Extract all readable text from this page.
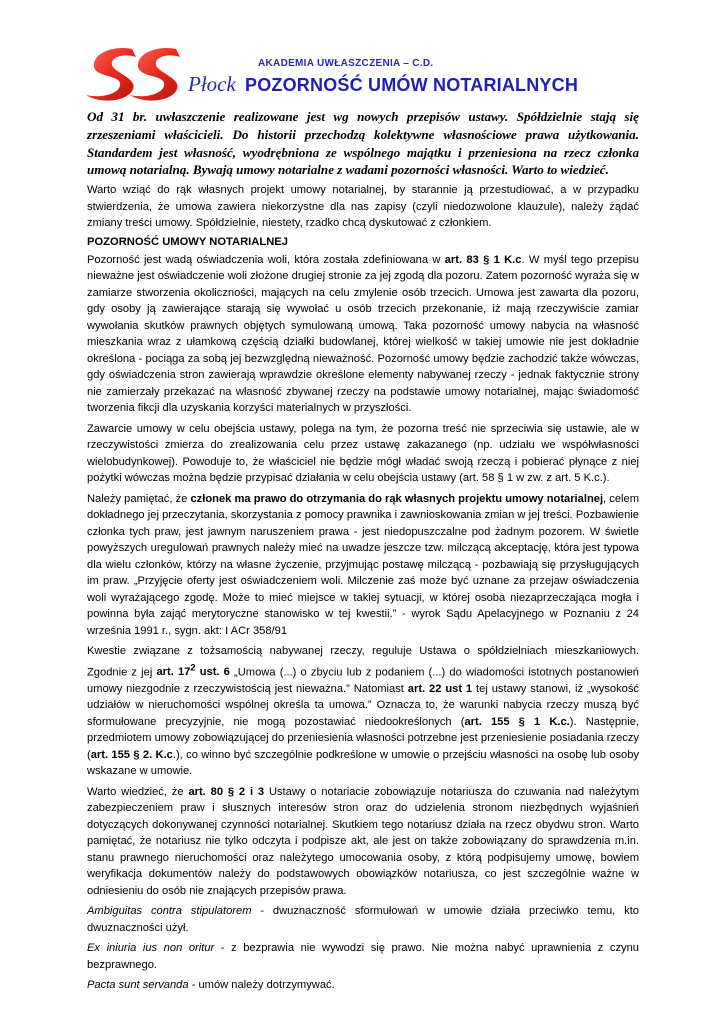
Płock
AKADEMIA UWŁASZCZENIA – C.D.
POZORNOŚĆ UMÓW NOTARIALNYCH
Od 31 br. uwłaszczenie realizowane jest wg nowych przepisów ustawy. Spółdzielnie stają się zrzeszeniami właścicieli. Do historii przechodzą kolektywne własnościowe prawa użytkowania. Standardem jest własność, wyodrębniona ze wspólnego majątku i przeniesiona na rzecz członka umową notarialną. Bywają umowy notarialne z wadami pozorności własności. Warto to wiedzieć.

Warto wziąć do rąk własnych projekt umowy notarialnej, by starannie ją przestudiować, a w przypadku stwierdzenia, że umowa zawiera niekorzystne dla nas zapisy (czyli niedozwolone klauzule), należy żądać zmiany treści umowy. Spółdzielnie, niestety, rzadko chcą dyskutować z członkiem.

POZORNOŚĆ UMOWY NOTARIALNEJ

Pozorność jest wadą oświadczenia woli, która została zdefiniowana w art. 83 § 1 K.c. W myśl tego przepisu nieważne jest oświadczenie woli złożone drugiej stronie za jej zgodą dla pozoru. Zatem pozorność wyraża się w zamiarze stworzenia okoliczności, mających na celu zmylenie osób trzecich. Umowa jest zawarta dla pozoru, gdy osoby ją zawierające starają się wywołać u osób trzecich przekonanie, iż mają rzeczywiście zamiar wywołania skutków prawnych objętych symulowaną umową. Taka pozorność umowy nabycia na własność mieszkania wraz z ułamkową częścią działki budowlanej, której wielkość w takiej umowie nie jest dokładnie określona - pociąga za sobą jej bezwzględną nieważność. Pozorność umowy będzie zachodzić także wówczas, gdy oświadczenia stron zawierają wprawdzie określone elementy nabywanej rzeczy - jednak faktycznie strony nie zamierzały przekazać na własność zbywanej rzeczy na podstawie umowy notarialnej, mając świadomość tworzenia fikcji dla uzyskania korzyści materialnych w przyszłości.

Zawarcie umowy w celu obejścia ustawy, polega na tym, że pozorna treść nie sprzeciwia się ustawie, ale w rzeczywistości zmierza do zrealizowania celu przez ustawę zakazanego (np. udziału we współwłasności wielobudynkowej). Powoduje to, że właściciel nie będzie mógł władać swoją rzeczą i pobierać płynące z niej pożytki wówczas można będzie przypisać działania w celu obejścia ustawy (art. 58 § 1 w zw. z art. 5 K.c.).

Należy pamiętać, że członek ma prawo do otrzymania do rąk własnych projektu umowy notarialnej, celem dokładnego jej przeczytania, skorzystania z pomocy prawnika i zawnioskowania zmian w jej treści. Pozbawienie członka tych praw, jest jawnym naruszeniem prawa - jest niedopuszczalne pod żadnym pozorem. W świetle powyższych uregulowań prawnych należy mieć na uwadze jeszcze tzw. milczącą akceptację, która jest typowa dla wielu członków, którzy na własne życzenie, przyjmując postawę milczącą - pozbawiają się przysługujących im praw. „Przyjęcie oferty jest oświadczeniem woli. Milczenie zaś może być uznane za przejaw oświadczenia woli wyrażającego zgodę. Może to mieć miejsce w takiej sytuacji, w której osoba niezaprzeczająca mogła i powinna była zająć merytoryczne stanowisko w tej kwestii.” - wyrok Sądu Apelacyjnego w Poznaniu z 24 września 1991 r., sygn. akt: I ACr 358/91

Kwestie związane z tożsamością nabywanej rzeczy, reguluje Ustawa o spółdzielniach mieszkaniowych. Zgodnie z jej art. $17^2$ ust. 6 „Umowa (...) o zbyciu lub z podaniem (...) do wiadomości istotnych postanowień umowy niezgodnie z rzeczywistością jest nieważna.” Natomiast art. 22 ust 1 tej ustawy stanowi, iż „wysokość udziałów w nieruchomości wspólnej określa ta umowa.” Oznacza to, że warunki nabycia rzeczy muszą być sformułowane precyzyjnie, nie mogą pozostawiać niedookreślonych (art. 155 § 1 K.c.). Następnie, przedmiotem umowy zobowiązującej do przeniesienia własności potrzebne jest przeniesienie posiadania rzeczy (art. 155 § 2. K.c.), co winno być szczególnie podkreślone w umowie o przejściu własności na osobę lub osoby wskazane w umowie.

Warto wiedzieć, że art. 80 § 2 i 3 Ustawy o notariacie zobowiązuje notariusza do czuwania nad należytym zabezpieczeniem praw i słusznych interesów stron oraz do udzielenia stronom niezbędnych wyjaśnień dotyczących dokonywanej czynności notarialnej. Skutkiem tego notariusz działa na rzecz obydwu stron. Warto pamiętać, że notariusz nie tylko odczyta i podpisze akt, ale jest on także zobowiązany do sprawdzenia m.in. stanu prawnego nieruchomości oraz należytego umocowania osoby, z którą podpisujemy umowę, bowiem weryfikacja dokumentów należy do podstawowych obowiązków notariusza, co jest szczególnie ważne w odniesieniu do osób nie znających przepisów prawa.

Ambiguitas contra stipulatorem - dwuznaczność sformułowań w umowie działa przeciwko temu, kto dwuznaczności użył.

Ex iniuria ius non oritur - z bezprawia nie wywodzi się prawo. Nie można nabyć uprawnienia z czynu bezprawnego.

Pacta sunt servanda - umów należy dotrzymywać.
